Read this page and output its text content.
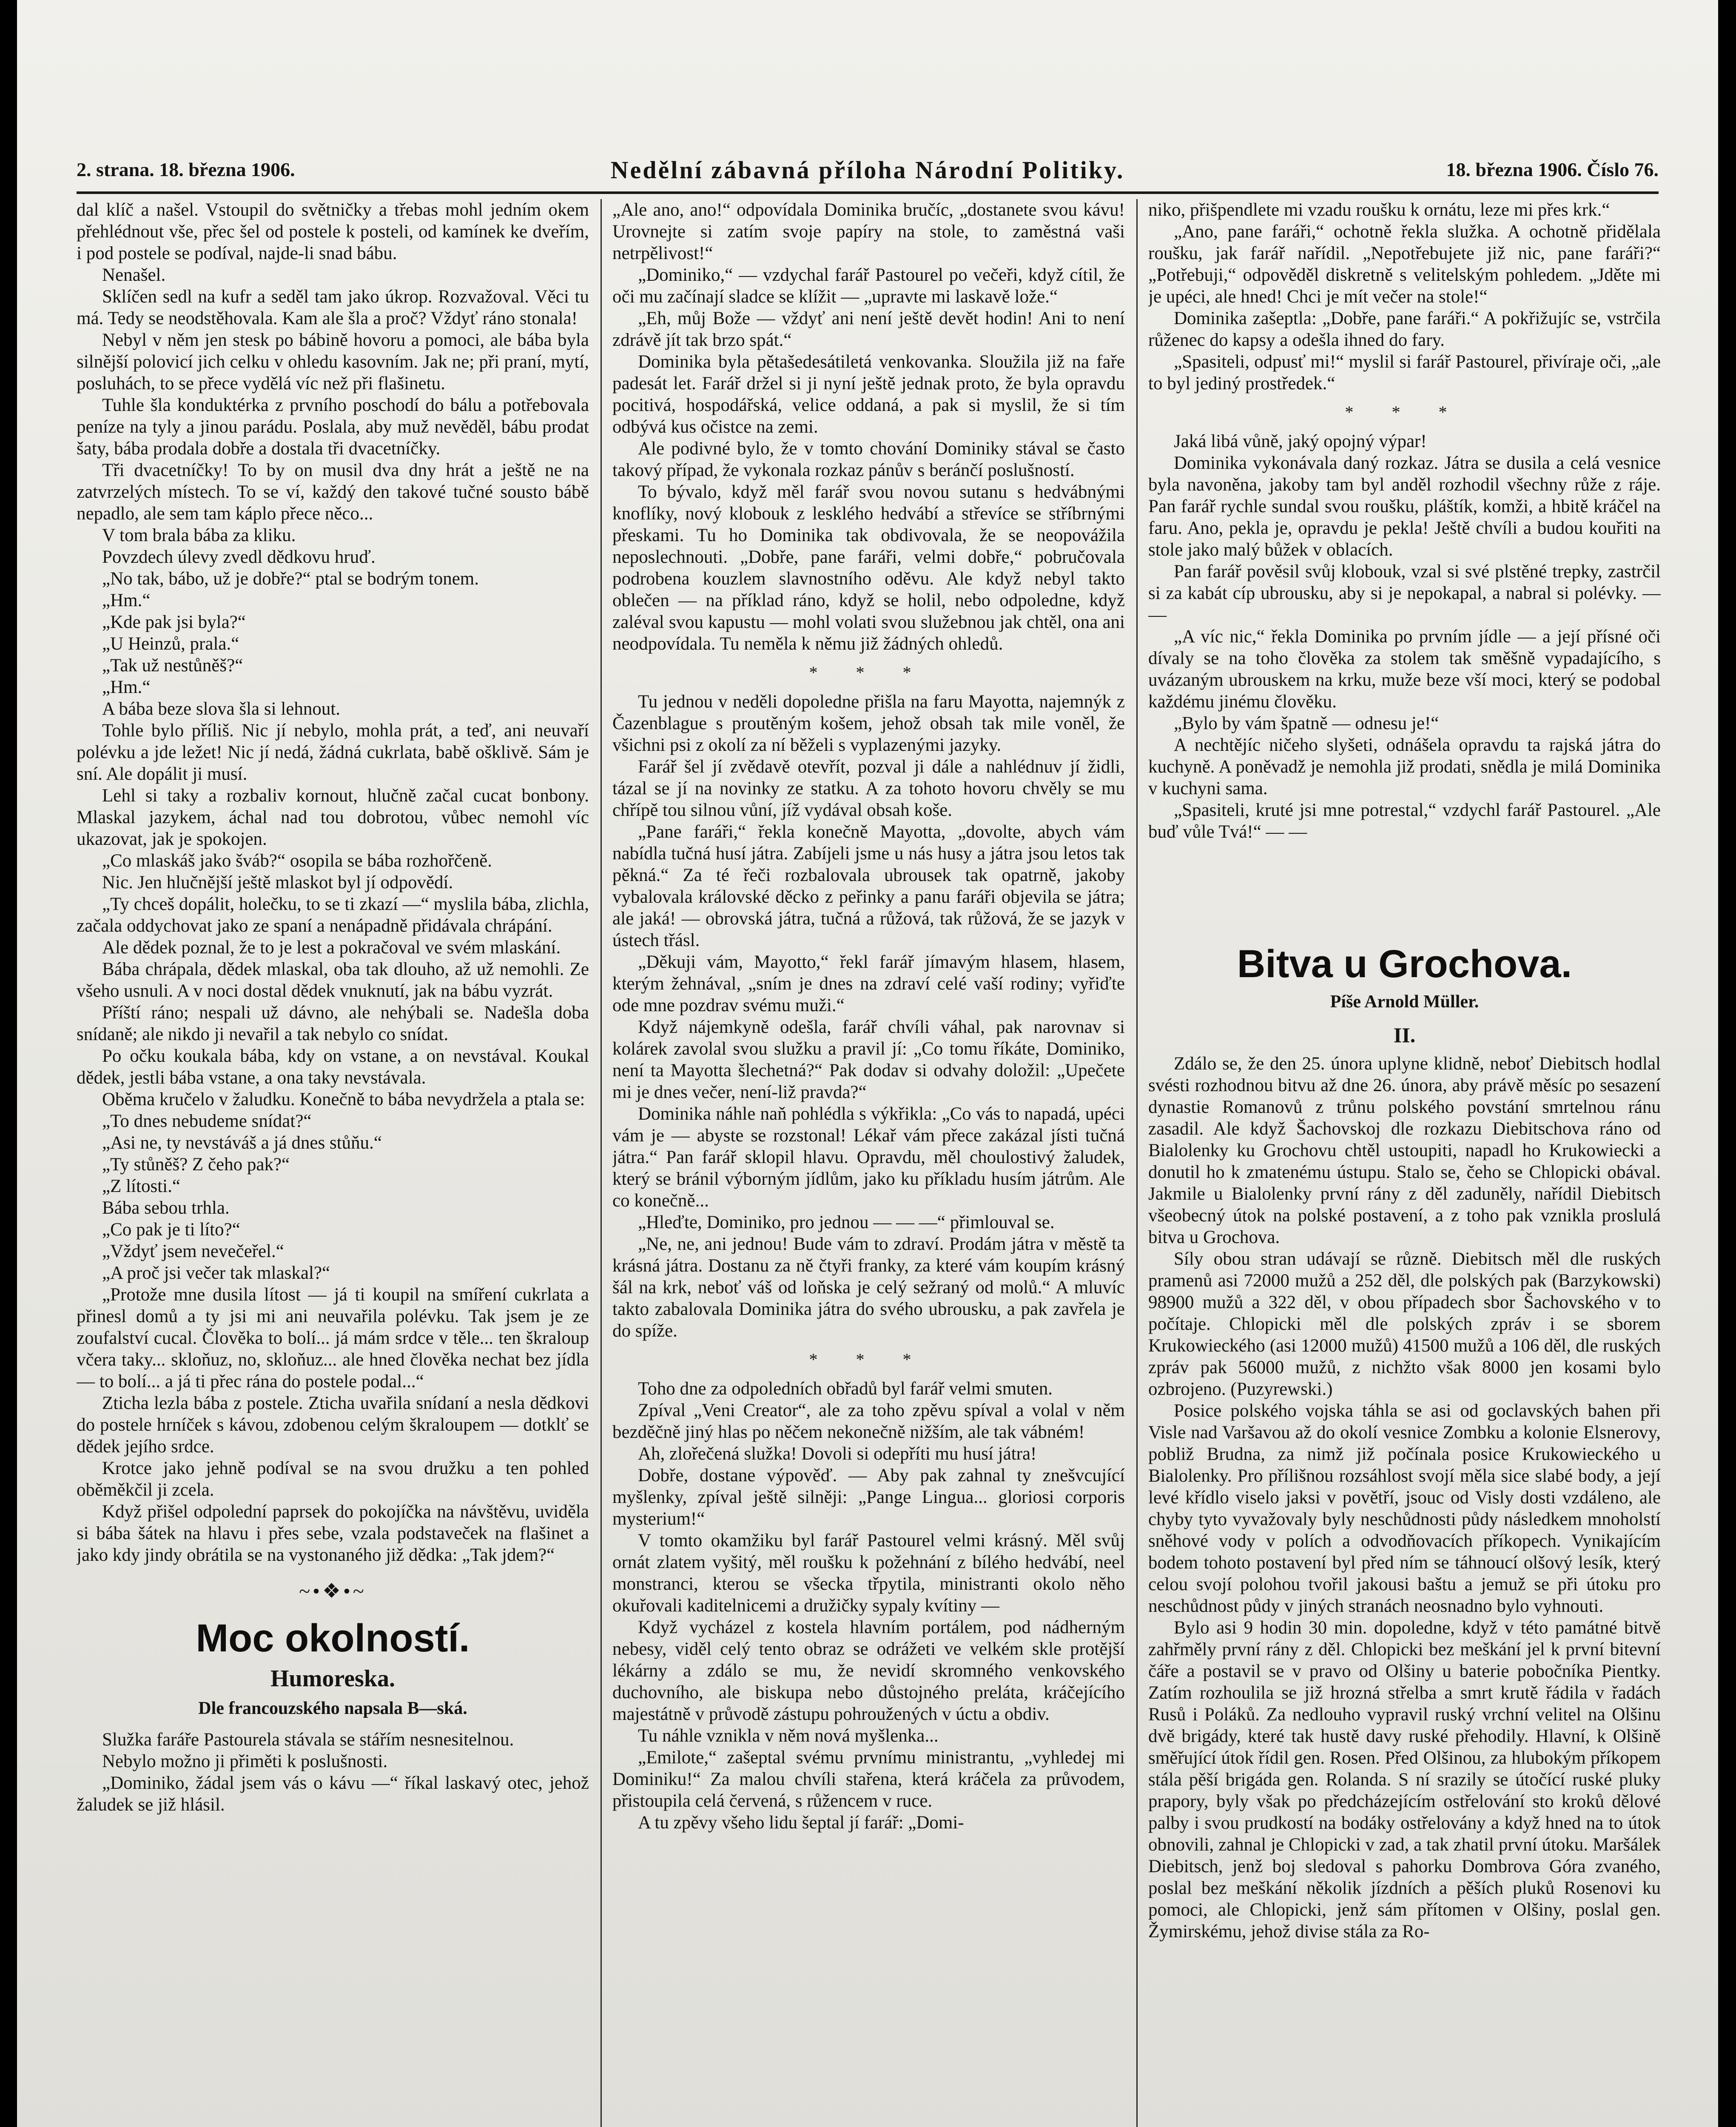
2. strana. 18. března 1906.	Nedělní zábavná příloha Národní Politiky.	18. března 1906. Číslo 76.

dal klíč a našel. Vstoupil do světničky a třebas mohl jedním okem přehlédnout vše, přec šel od postele k posteli, od kamínek ke dveřím, i pod postele se podíval, najde-li snad bábu.

Nenašel.

Sklíčen sedl na kufr a seděl tam jako úkrop. Rozvažoval. Věci tu má. Tedy se neodstěhovala. Kam ale šla a proč? Vždyť ráno stonala!

Nebyl v něm jen stesk po bábině hovoru a pomoci, ale bába byla silnější polovicí jich celku v ohledu kasovním. Jak ne; při praní, mytí, posluhách, to se přece vydělá víc než při flašinetu.

Tuhle šla konduktérka z prvního poschodí do bálu a potřebovala peníze na tyly a jinou parádu. Poslala, aby muž nevěděl, bábu prodat šaty, bába prodala dobře a dostala tři dvacetníčky.

Tři dvacetníčky! To by on musil dva dny hrát a ještě ne na zatvrzelých místech. To se ví, každý den takové tučné sousto bábě nepadlo, ale sem tam káplo přece něco...

V tom brala bába za kliku.

Povzdech úlevy zvedl dědkovu hruď.

„No tak, bábo, už je dobře?“ ptal se bodrým tonem.

„Hm.“

„Kde pak jsi byla?“

„U Heinzů, prala.“

„Tak už nestůněš?“

„Hm.“

A bába beze slova šla si lehnout.

Tohle bylo příliš. Nic jí nebylo, mohla prát, a teď, ani neuvaří polévku a jde ležet! Nic jí nedá, žádná cukrlata, babě ošklivě. Sám je sní. Ale dopálit ji musí.

Lehl si taky a rozbaliv kornout, hlučně začal cucat bonbony. Mlaskal jazykem, áchal nad tou dobrotou, vůbec nemohl víc ukazovat, jak je spokojen.

„Co mlaskáš jako šváb?“ osopila se bába rozhořčeně.

Nic. Jen hlučnější ještě mlaskot byl jí odpovědí.

„Ty chceš dopálit, holečku, to se ti zkazí —“ myslila bába, zlichla, začala oddychovat jako ze spaní a nenápadně přidávala chrápání.

Ale dědek poznal, že to je lest a pokračoval ve svém mlaskání.

Bába chrápala, dědek mlaskal, oba tak dlouho, až už nemohli. Ze všeho usnuli. A v noci dostal dědek vnuknutí, jak na bábu vyzrát.

Příští ráno; nespali už dávno, ale nehýbali se. Nadešla doba snídaně; ale nikdo ji nevařil a tak nebylo co snídat.

Po očku koukala bába, kdy on vstane, a on nevstával. Koukal dědek, jestli bába vstane, a ona taky nevstávala.

Oběma kručelo v žaludku. Konečně to bába nevydržela a ptala se:

„To dnes nebudeme snídat?“

„Asi ne, ty nevstáváš a já dnes stůňu.“

„Ty stůněš? Z čeho pak?“

„Z lítosti.“

Bába sebou trhla.

„Co pak je ti líto?“

„Vždyť jsem nevečeřel.“

„A proč jsi večer tak mlaskal?“

„Protože mne dusila lítost — já ti koupil na smíření cukrlata a přinesl domů a ty jsi mi ani neuvařila polévku. Tak jsem je ze zoufalství cucal. Člověka to bolí... já mám srdce v těle... ten škraloup včera taky... skloňuz, no, skloňuz... ale hned člověka nechat bez jídla — to bolí... a já ti přec rána do postele podal...“

Zticha lezla bába z postele. Zticha uvařila snídaní a nesla dědkovi do postele hrníček s kávou, zdobenou celým škraloupem — dotklť se dědek jejího srdce.

Krotce jako jehně podíval se na svou družku a ten pohled oběměkčil ji zcela.

Když přišel odpolední paprsek do pokojíčka na návštěvu, uviděla si bába šátek na hlavu i přes sebe, vzala podstaveček na flašinet a jako kdy jindy obrátila se na vystonaného již dědka: „Tak jdem?“

~•❖•~
Moc okolností.
Humoreska.
Dle francouzského napsala B—ská.

Služka faráře Pastourela stávala se stářím nesnesitelnou.

Nebylo možno ji přiměti k poslušnosti.

„Dominiko, žádal jsem vás o kávu —“ říkal laskavý otec, jehož žaludek se již hlásil.

„Ale ano, ano!“ odpovídala Dominika bručíc, „dostanete svou kávu! Urovnejte si zatím svoje papíry na stole, to zaměstná vaši netrpělivost!“

„Dominiko,“ — vzdychal farář Pastourel po večeři, když cítil, že oči mu začínají sladce se klížit — „upravte mi laskavě lože.“

„Eh, můj Bože — vždyť ani není ještě devět hodin! Ani to není zdrávě jít tak brzo spát.“

Dominika byla pětašedesátiletá venkovanka. Sloužila již na faře padesát let. Farář držel si ji nyní ještě jednak proto, že byla opravdu pocitivá, hospodářská, velice oddaná, a pak si myslil, že si tím odbývá kus očistce na zemi.

Ale podivné bylo, že v tomto chování Dominiky stával se často takový případ, že vykonala rozkaz pánův s beránčí poslušností.

To bývalo, když měl farář svou novou sutanu s hedvábnými knoflíky, nový klobouk z lesklého hedvábí a střevíce se stříbrnými přeskami. Tu ho Dominika tak obdivovala, že se neopovážila neposlechnouti. „Dobře, pane faráři, velmi dobře,“ pobručovala podrobena kouzlem slavnostního oděvu. Ale když nebyl takto oblečen — na příklad ráno, když se holil, nebo odpoledne, když zaléval svou kapustu — mohl volati svou služebnou jak chtěl, ona ani neodpovídala. Tu neměla k němu již žádných ohledů.

* * *

Tu jednou v neděli dopoledne přišla na faru Mayotta, najemnýk z Čazenblague s proutěným košem, jehož obsah tak mile voněl, že všichni psi z okolí za ní běželi s vyplazenými jazyky.

Farář šel jí zvědavě otevřít, pozval ji dále a nahlédnuv jí židli, tázal se jí na novinky ze statku. A za tohoto hovoru chvěly se mu chřípě tou silnou vůní, jíž vydával obsah koše.

„Pane faráři,“ řekla konečně Mayotta, „dovolte, abych vám nabídla tučná husí játra. Zabíjeli jsme u nás husy a játra jsou letos tak pěkná.“ Za té řeči rozbalovala ubrousek tak opatrně, jakoby vybalovala královské děcko z peřinky a panu faráři objevila se játra; ale jaká! — obrovská játra, tučná a růžová, tak růžová, že se jazyk v ústech třásl.

„Děkuji vám, Mayotto,“ řekl farář jímavým hlasem, hlasem, kterým žehnával, „sním je dnes na zdraví celé vaší rodiny; vyřiďte ode mne pozdrav svému muži.“

Když nájemkyně odešla, farář chvíli váhal, pak narovnav si kolárek zavolal svou služku a pravil jí: „Co tomu říkáte, Dominiko, není ta Mayotta šlechetná?“ Pak dodav si odvahy doložil: „Upečete mi je dnes večer, není-liž pravda?“

Dominika náhle naň pohlédla s výkřikla: „Co vás to napadá, upéci vám je — abyste se rozstonal! Lékař vám přece zakázal jísti tučná játra.“ Pan farář sklopil hlavu. Opravdu, měl choulostivý žaludek, který se bránil výborným jídlům, jako ku příkladu husím játrům. Ale co konečně...

„Hleďte, Dominiko, pro jednou — — —“ přimlouval se.

„Ne, ne, ani jednou! Bude vám to zdraví. Prodám játra v městě ta krásná játra. Dostanu za ně čtyři franky, za které vám koupím krásný šál na krk, neboť váš od loňska je celý sežraný od molů.“ A mluvíc takto zabalovala Dominika játra do svého ubrousku, a pak zavřela je do spíže.

* * *

Toho dne za odpoledních obřadů byl farář velmi smuten.

Zpíval „Veni Creator“, ale za toho zpěvu spíval a volal v něm bezděčně jiný hlas po něčem nekonečně nižším, ale tak vábném!

Ah, zlořečená služka! Dovoli si odepříti mu husí játra!

Dobře, dostane výpověď. — Aby pak zahnal ty znešvcující myšlenky, zpíval ještě silněji: „Pange Lingua... gloriosi corporis mysterium!“

V tomto okamžiku byl farář Pastourel velmi krásný. Měl svůj ornát zlatem vyšitý, měl roušku k požehnání z bílého hedvábí, neel monstranci, kterou se všecka třpytila, ministranti okolo něho okuřovali kaditelnicemi a družičky sypaly kvítiny —

Když vycházel z kostela hlavním portálem, pod nádherným nebesy, viděl celý tento obraz se odrážeti ve velkém skle protější lékárny a zdálo se mu, že nevidí skromného venkovského duchovního, ale biskupa nebo důstojného preláta, kráčejícího majestátně v průvodě zástupu pohroužených v úctu a obdiv.

Tu náhle vznikla v něm nová myšlenka...

„Emilote,“ zašeptal svému prvnímu ministrantu, „vyhledej mi Dominiku!“ Za malou chvíli stařena, která kráčela za průvodem, přistoupila celá červená, s růžencem v ruce.

A tu zpěvy všeho lidu šeptal jí farář: „Domi-

niko, přišpendlete mi vzadu roušku k ornátu, leze mi přes krk.“

„Ano, pane faráři,“ ochotně řekla služka. A ochotně přidělala roušku, jak farář nařídil. „Nepotřebujete již nic, pane faráři?“ „Potřebuji,“ odpověděl diskretně s velitelským pohledem. „Jděte mi je upéci, ale hned! Chci je mít večer na stole!“

Dominika zašeptla: „Dobře, pane faráři.“ A pokřižujíc se, vstrčila růženec do kapsy a odešla ihned do fary.

„Spasiteli, odpusť mi!“ myslil si farář Pastourel, přivíraje oči, „ale to byl jediný prostředek.“

* * *

Jaká libá vůně, jaký opojný výpar!

Dominika vykonávala daný rozkaz. Játra se dusila a celá vesnice byla navoněna, jakoby tam byl anděl rozhodil všechny růže z ráje. Pan farář rychle sundal svou roušku, pláštík, komži, a hbitě kráčel na faru. Ano, pekla je, opravdu je pekla! Ještě chvíli a budou kouřiti na stole jako malý bůžek v oblacích.

Pan farář pověsil svůj klobouk, vzal si své plstěné trepky, zastrčil si za kabát cíp ubrousku, aby si je nepokapal, a nabral si polévky. — —

„A víc nic,“ řekla Dominika po prvním jídle — a její přísné oči dívaly se na toho člověka za stolem tak směšně vypadajícího, s uvázaným ubrouskem na krku, muže beze vší moci, který se podobal každému jinému člověku.

„Bylo by vám špatně — odnesu je!“

A nechtějíc ničeho slyšeti, odnášela opravdu ta rajská játra do kuchyně. A poněvadž je nemohla již prodati, snědla je milá Dominika v kuchyni sama.

„Spasiteli, kruté jsi mne potrestal,“ vzdychl farář Pastourel. „Ale buď vůle Tvá!“ — —

Bitva u Grochova.
Píše Arnold Müller.
II.

Zdálo se, že den 25. února uplyne klidně, neboť Diebitsch hodlal svésti rozhodnou bitvu až dne 26. února, aby právě měsíc po sesazení dynastie Romanovů z trůnu polského povstání smrtelnou ránu zasadil. Ale když Šachovskoj dle rozkazu Diebitschova ráno od Bialolenky ku Grochovu chtěl ustoupiti, napadl ho Krukowiecki a donutil ho k zmatenému ústupu. Stalo se, čeho se Chlopicki obával. Jakmile u Bialolenky první rány z děl zaduněly, nařídil Diebitsch všeobecný útok na polské postavení, a z toho pak vznikla proslulá bitva u Grochova.

Síly obou stran udávají se různě. Diebitsch měl dle ruských pramenů asi 72000 mužů a 252 děl, dle polských pak (Barzykowski) 98900 mužů a 322 děl, v obou případech sbor Šachovského v to počítaje. Chlopicki měl dle polských zpráv i se sborem Krukowieckého (asi 12000 mužů) 41500 mužů a 106 děl, dle ruských zpráv pak 56000 mužů, z nichžto však 8000 jen kosami bylo ozbrojeno. (Puzyrewski.)

Posice polského vojska táhla se asi od goclavských bahen při Visle nad Varšavou až do okolí vesnice Zombku a kolonie Elsnerovy, pobliž Brudna, za nimž již počínala posice Krukowieckého u Bialolenky. Pro přílišnou rozsáhlost svojí měla sice slabé body, a její levé křídlo viselo jaksi v povětří, jsouc od Visly dosti vzdáleno, ale chyby tyto vyvažovaly byly neschůdnosti půdy následkem mnoholstí sněhové vody v polích a odvodňovacích příkopech. Vynikajícím bodem tohoto postavení byl před ním se táhnoucí olšový lesík, který celou svojí polohou tvořil jakousi baštu a jemuž se při útoku pro neschůdnost půdy v jiných stranách neosnadno bylo vyhnouti.

Bylo asi 9 hodin 30 min. dopoledne, když v této památné bitvě zahřměly první rány z děl. Chlopicki bez meškání jel k první bitevní čáře a postavil se v pravo od Olšiny u baterie pobočníka Pientky. Zatím rozhoulila se již hrozná střelba a smrt krutě řádila v řadách Rusů i Poláků. Za nedlouho vypravil ruský vrchní velitel na Olšinu dvě brigády, které tak hustě davy ruské přehodily. Hlavní, k Olšině směřující útok řídil gen. Rosen. Před Olšinou, za hlubokým příkopem stála pěší brigáda gen. Rolanda. S ní srazily se útočící ruské pluky prapory, byly však po předcházejícím ostřelování sto kroků dělové palby i svou prudkostí na bodáky ostřelovány a když hned na to útok obnovili, zahnal je Chlopicki v zad, a tak zhatil první útoku. Maršálek Diebitsch, jenž boj sledoval s pahorku Dombrova Góra zvaného, poslal bez meškání několik jízdních a pěších pluků Rosenovi ku pomoci, ale Chlopicki, jenž sám přítomen v Olšiny, poslal gen. Žymirskému, jehož divise stála za Ro-
